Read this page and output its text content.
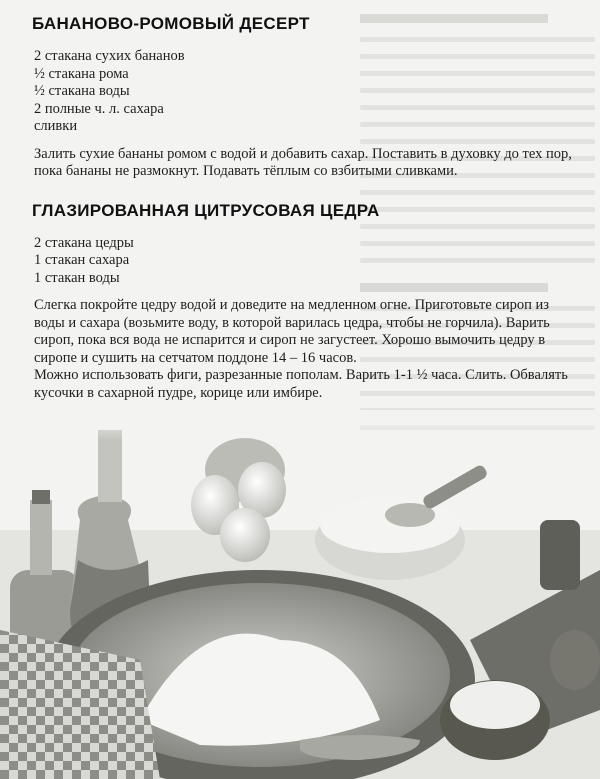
БАНАНОВО-РОМОВЫЙ ДЕСЕРТ
2 стакана сухих бананов
½ стакана рома
½ стакана воды
2 полные ч. л. сахара
сливки

Залить сухие бананы ромом с водой и добавить сахар. Поставить в духовку до тех пор, пока бананы не размокнут. Подавать тёплым со взбитыми сливками.

ГЛАЗИРОВАННАЯ ЦИТРУСОВАЯ ЦЕДРА
2 стакана цедры
1 стакан сахара
1 стакан воды

Слегка покройте цедру водой и доведите на медленном огне. Приготовьте сироп из воды и сахара (возьмите воду, в которой варилась цедра, чтобы не горчила). Варить сироп, пока вся вода не испарится и сироп не загустеет. Хорошо вымочить цедру в сиропе и сушить на сетчатом поддоне 14 – 16 часов.

Можно использовать фиги, разрезанные пополам. Варить 1-1 ½ часа. Слить. Обвалять кусочки в сахарной пудре, корице или имбире.
